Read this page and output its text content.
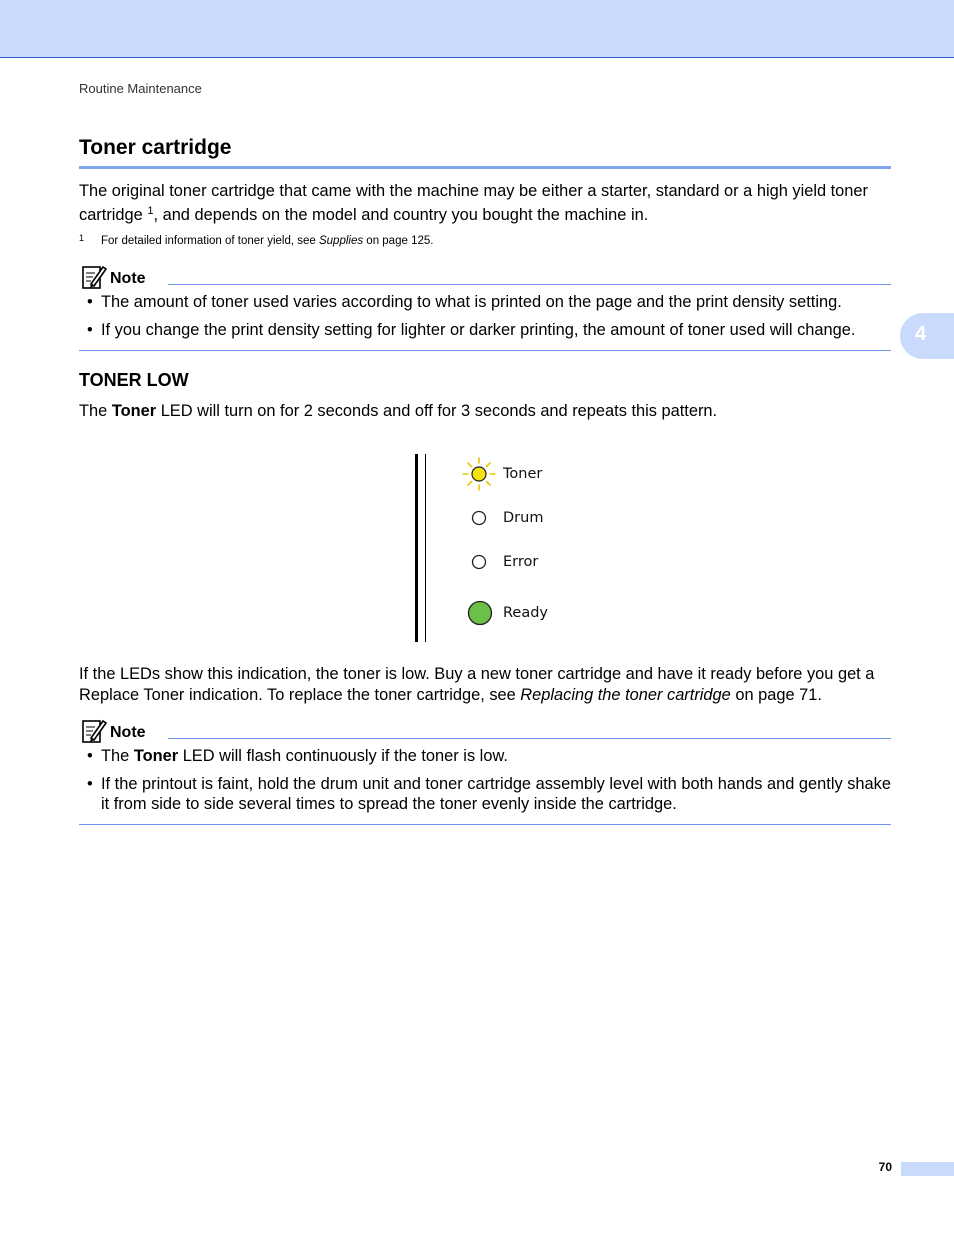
Routine Maintenance
4
Toner cartridge
The original toner cartridge that came with the machine may be either a starter, standard or a high yield toner cartridge $^1$, and depends on the model and country you bought the machine in.
1 For detailed information of toner yield, see Supplies on page 125.
Note
• The amount of toner used varies according to what is printed on the page and the print density setting.
• If you change the print density setting for lighter or darker printing, the amount of toner used will change.
TONER LOW
The Toner LED will turn on for 2 seconds and off for 3 seconds and repeats this pattern.
Toner
Drum
Error
Ready
If the LEDs show this indication, the toner is low. Buy a new toner cartridge and have it ready before you get a Replace Toner indication. To replace the toner cartridge, see Replacing the toner cartridge on page 71.
Note
• The Toner LED will flash continuously if the toner is low.
• If the printout is faint, hold the drum unit and toner cartridge assembly level with both hands and gently shake it from side to side several times to spread the toner evenly inside the cartridge.
70
